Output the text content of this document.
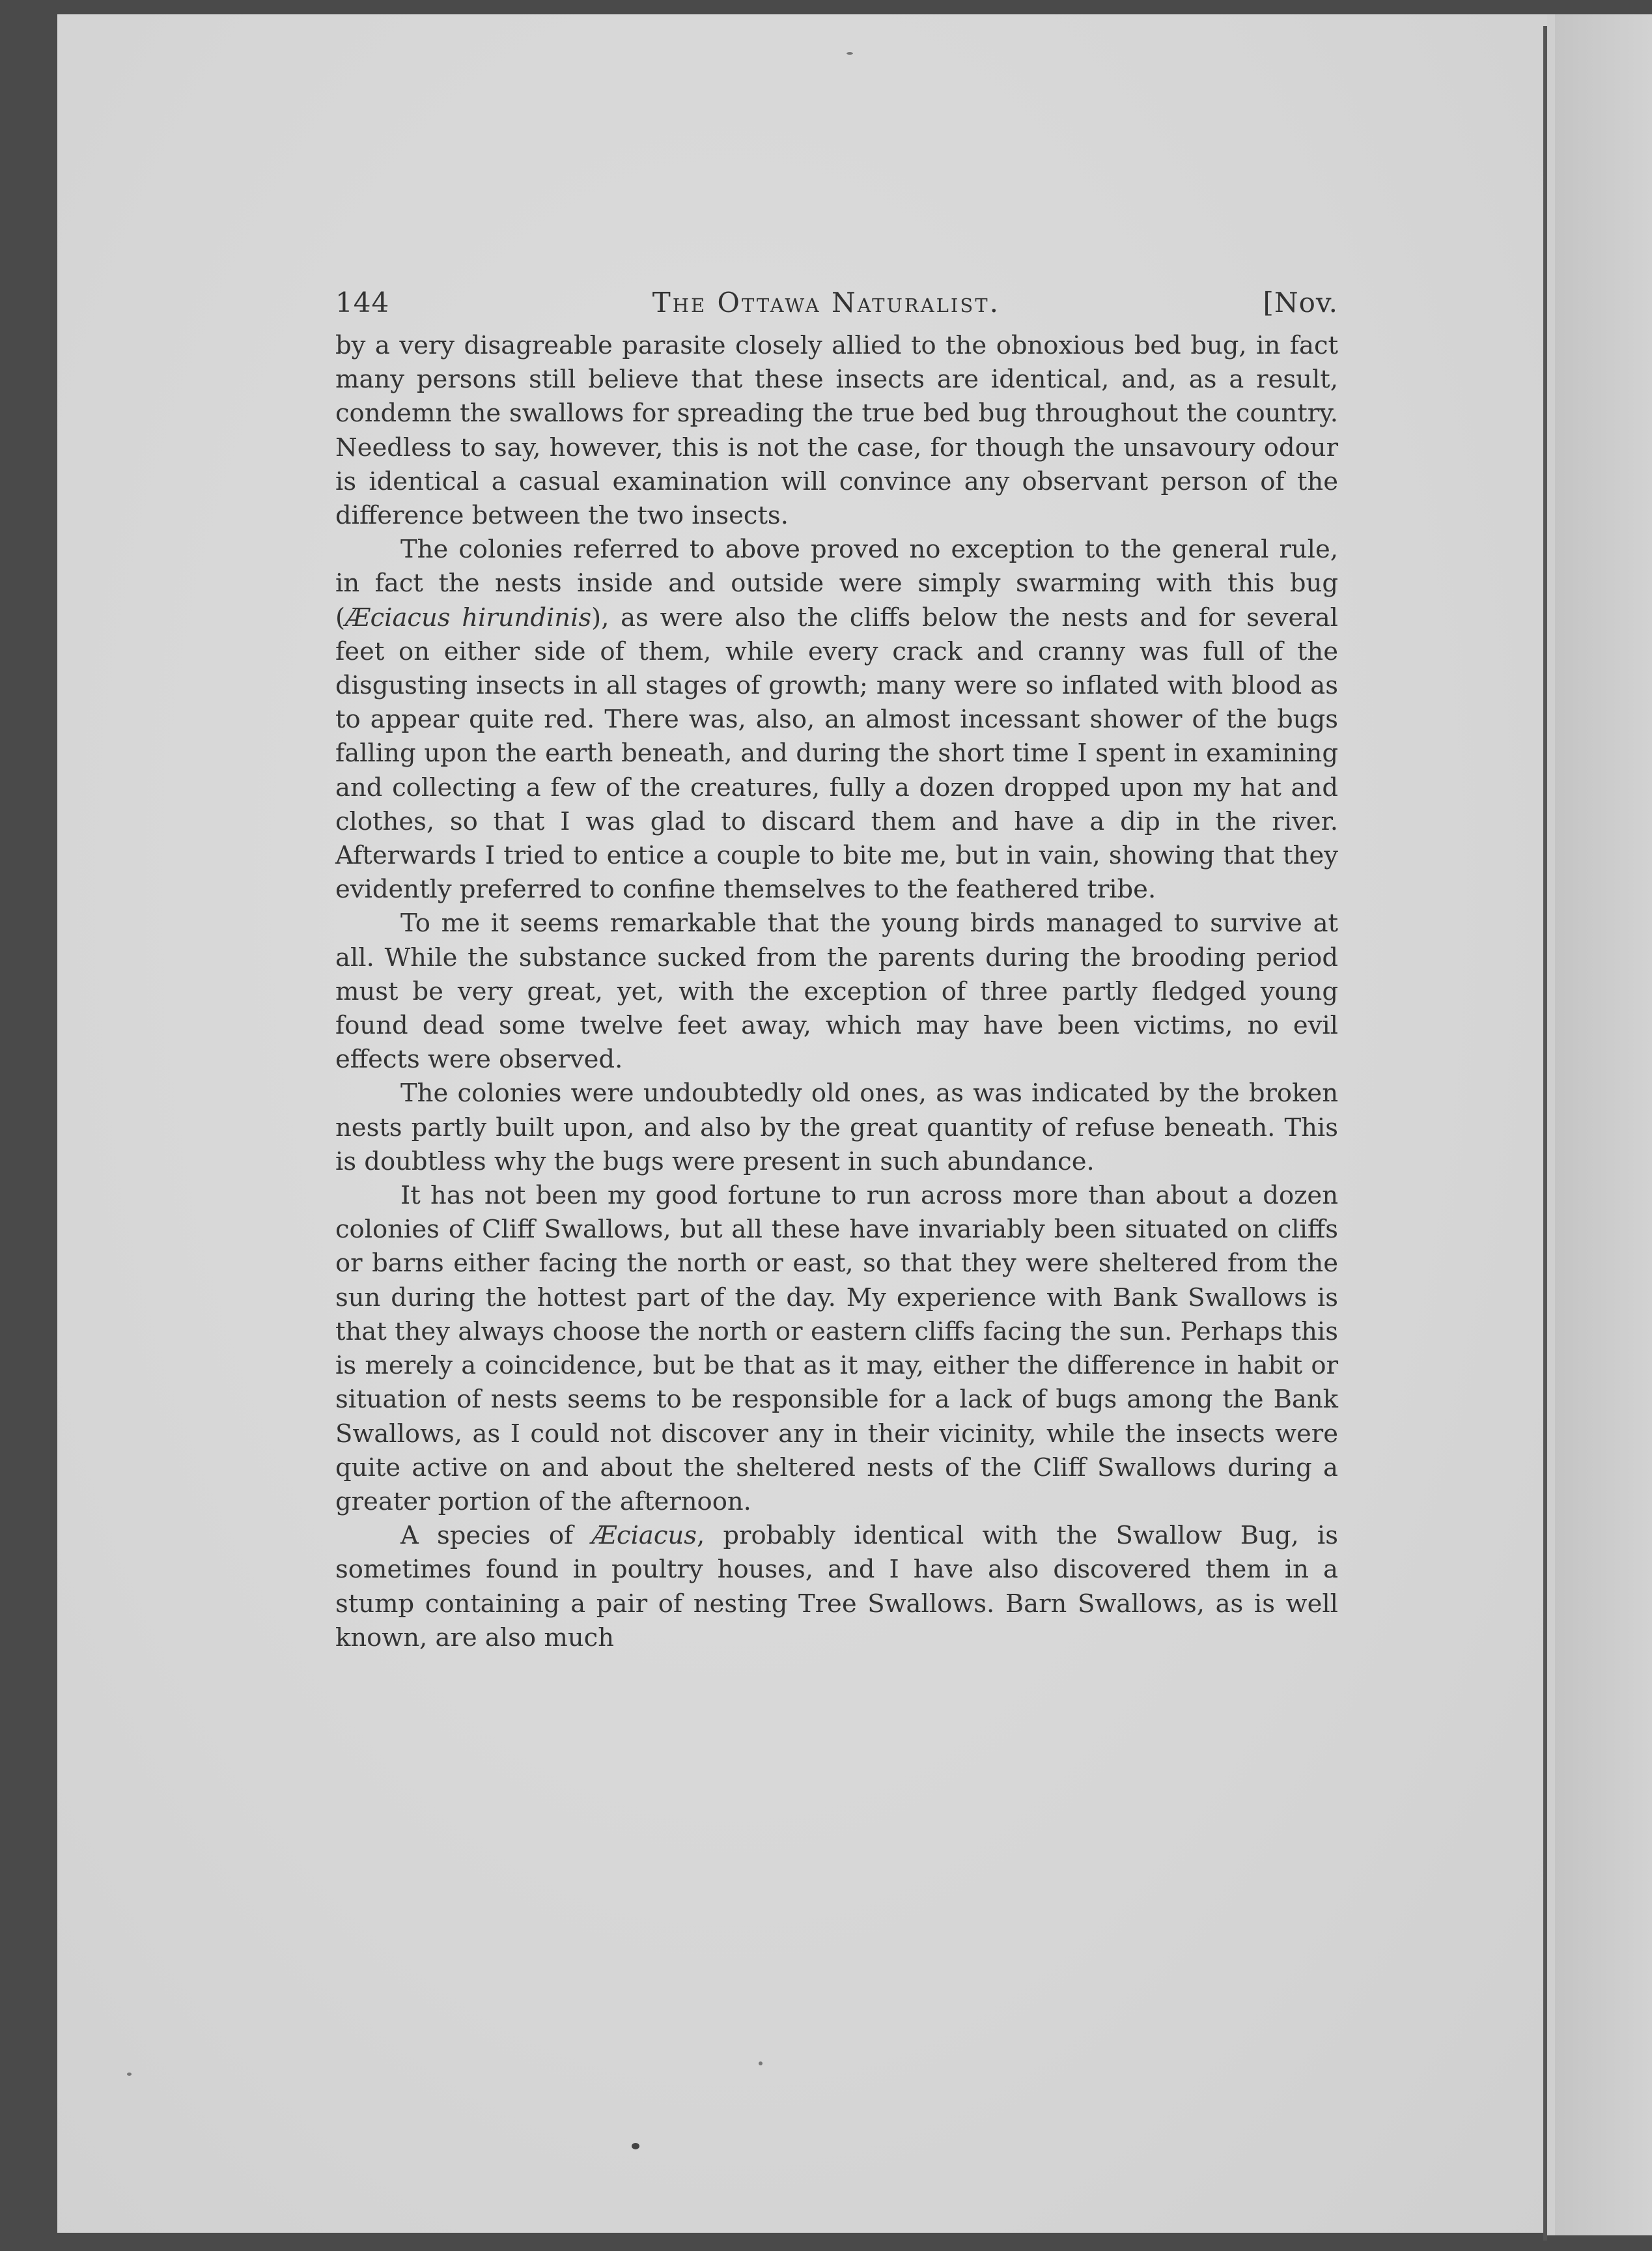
144	The Ottawa Naturalist.	[Nov.

by a very disagreable parasite closely allied to the obnoxious bed bug, in fact many persons still believe that these insects are identical, and, as a result, condemn the swallows for spreading the true bed bug throughout the country. Needless to say, however, this is not the case, for though the unsavoury odour is identical a casual examination will convince any observant person of the difference between the two insects.

The colonies referred to above proved no exception to the general rule, in fact the nests inside and outside were simply swarming with this bug (Æciacus hirundinis), as were also the cliffs below the nests and for several feet on either side of them, while every crack and cranny was full of the disgusting insects in all stages of growth; many were so inflated with blood as to appear quite red. There was, also, an almost incessant shower of the bugs falling upon the earth beneath, and during the short time I spent in examining and collecting a few of the creatures, fully a dozen dropped upon my hat and clothes, so that I was glad to discard them and have a dip in the river. Afterwards I tried to entice a couple to bite me, but in vain, showing that they evidently preferred to confine themselves to the feathered tribe.

To me it seems remarkable that the young birds managed to survive at all. While the substance sucked from the parents during the brooding period must be very great, yet, with the exception of three partly fledged young found dead some twelve feet away, which may have been victims, no evil effects were observed.

The colonies were undoubtedly old ones, as was indicated by the broken nests partly built upon, and also by the great quantity of refuse beneath. This is doubtless why the bugs were present in such abundance.

It has not been my good fortune to run across more than about a dozen colonies of Cliff Swallows, but all these have invariably been situated on cliffs or barns either facing the north or east, so that they were sheltered from the sun during the hottest part of the day. My experience with Bank Swallows is that they always choose the north or eastern cliffs facing the sun. Perhaps this is merely a coincidence, but be that as it may, either the difference in habit or situation of nests seems to be responsible for a lack of bugs among the Bank Swallows, as I could not discover any in their vicinity, while the insects were quite active on and about the sheltered nests of the Cliff Swallows during a greater portion of the afternoon.

A species of Æciacus, probably identical with the Swallow Bug, is sometimes found in poultry houses, and I have also discovered them in a stump containing a pair of nesting Tree Swallows. Barn Swallows, as is well known, are also much
